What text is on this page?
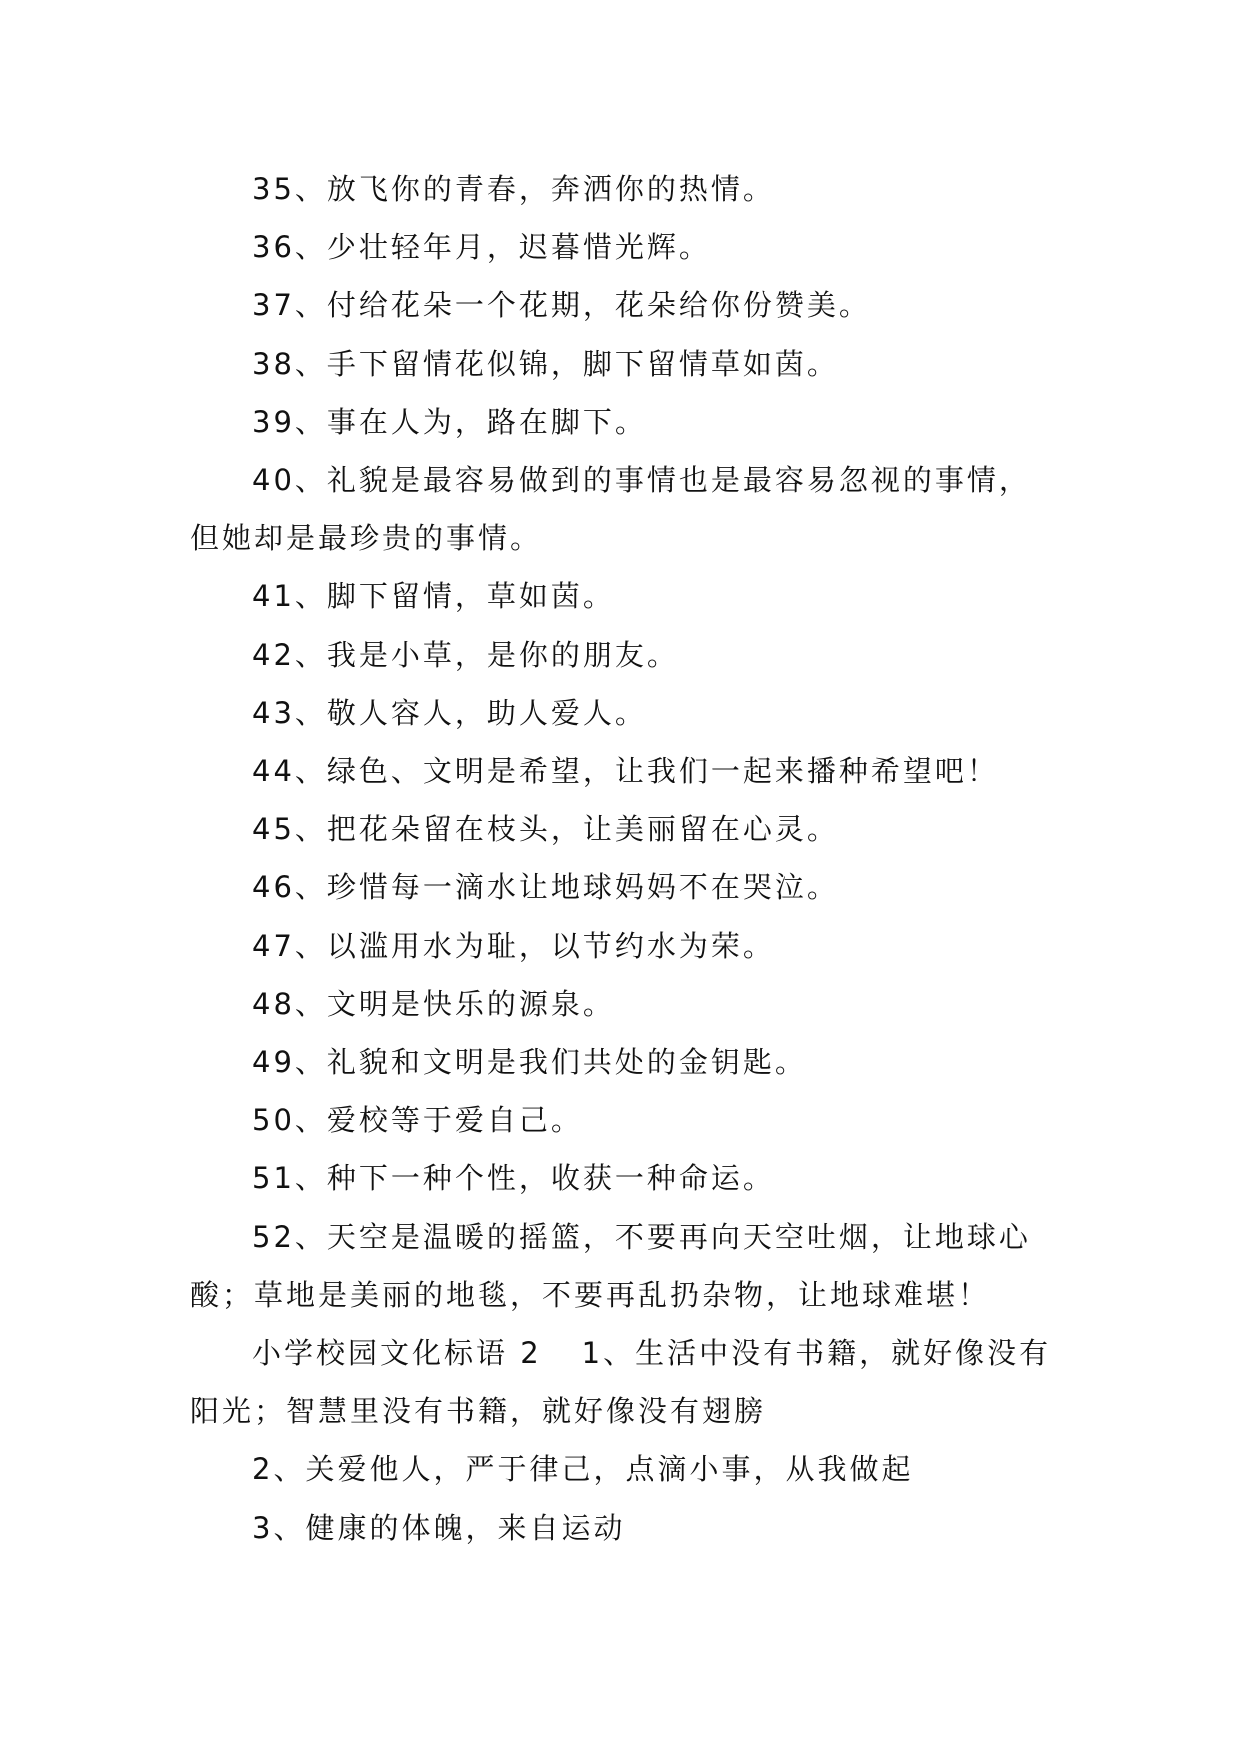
35、放飞你的青春，奔洒你的热情。

36、少壮轻年月，迟暮惜光辉。

37、付给花朵一个花期，花朵给你份赞美。

38、手下留情花似锦，脚下留情草如茵。

39、事在人为，路在脚下。

40、礼貌是最容易做到的事情也是最容易忽视的事情，但她却是最珍贵的事情。

41、脚下留情，草如茵。

42、我是小草，是你的朋友。

43、敬人容人，助人爱人。

44、绿色、文明是希望，让我们一起来播种希望吧！

45、把花朵留在枝头，让美丽留在心灵。

46、珍惜每一滴水让地球妈妈不在哭泣。

47、以滥用水为耻，以节约水为荣。

48、文明是快乐的源泉。

49、礼貌和文明是我们共处的金钥匙。

50、爱校等于爱自己。

51、种下一种个性，收获一种命运。

52、天空是温暖的摇篮，不要再向天空吐烟，让地球心酸；草地是美丽的地毯，不要再乱扔杂物，让地球难堪！

小学校园文化标语 2 1、生活中没有书籍，就好像没有阳光；智慧里没有书籍，就好像没有翅膀

2、关爱他人，严于律己，点滴小事，从我做起

3、健康的体魄，来自运动
